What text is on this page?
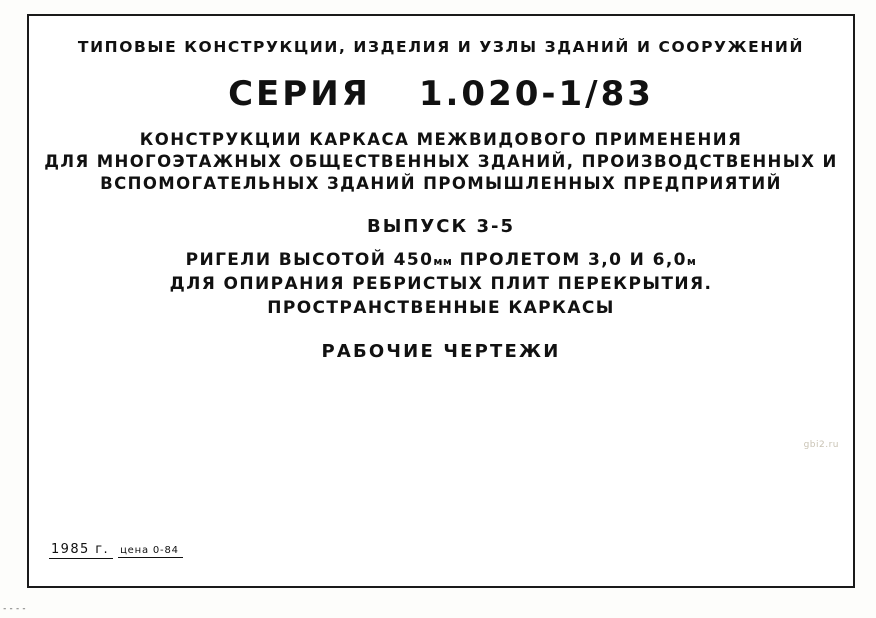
ТИПОВЫЕ КОНСТРУКЦИИ, ИЗДЕЛИЯ И УЗЛЫ ЗДАНИЙ И СООРУЖЕНИЙ
СЕРИЯ 1.020-1/83
КОНСТРУКЦИИ КАРКАСА МЕЖВИДОВОГО ПРИМЕНЕНИЯ
ДЛЯ МНОГОЭТАЖНЫХ ОБЩЕСТВЕННЫХ ЗДАНИЙ, ПРОИЗВОДСТВЕННЫХ И
ВСПОМОГАТЕЛЬНЫХ ЗДАНИЙ ПРОМЫШЛЕННЫХ ПРЕДПРИЯТИЙ
ВЫПУСК 3-5
РИГЕЛИ ВЫСОТОЙ 450мм ПРОЛЕТОМ 3,0 И 6,0м
ДЛЯ ОПИРАНИЯ РЕБРИСТЫХ ПЛИТ ПЕРЕКРЫТИЯ.
ПРОСТРАНСТВЕННЫЕ КАРКАСЫ
РАБОЧИЕ ЧЕРТЕЖИ
gbi2.ru
1985 г. цена 0-84
----
